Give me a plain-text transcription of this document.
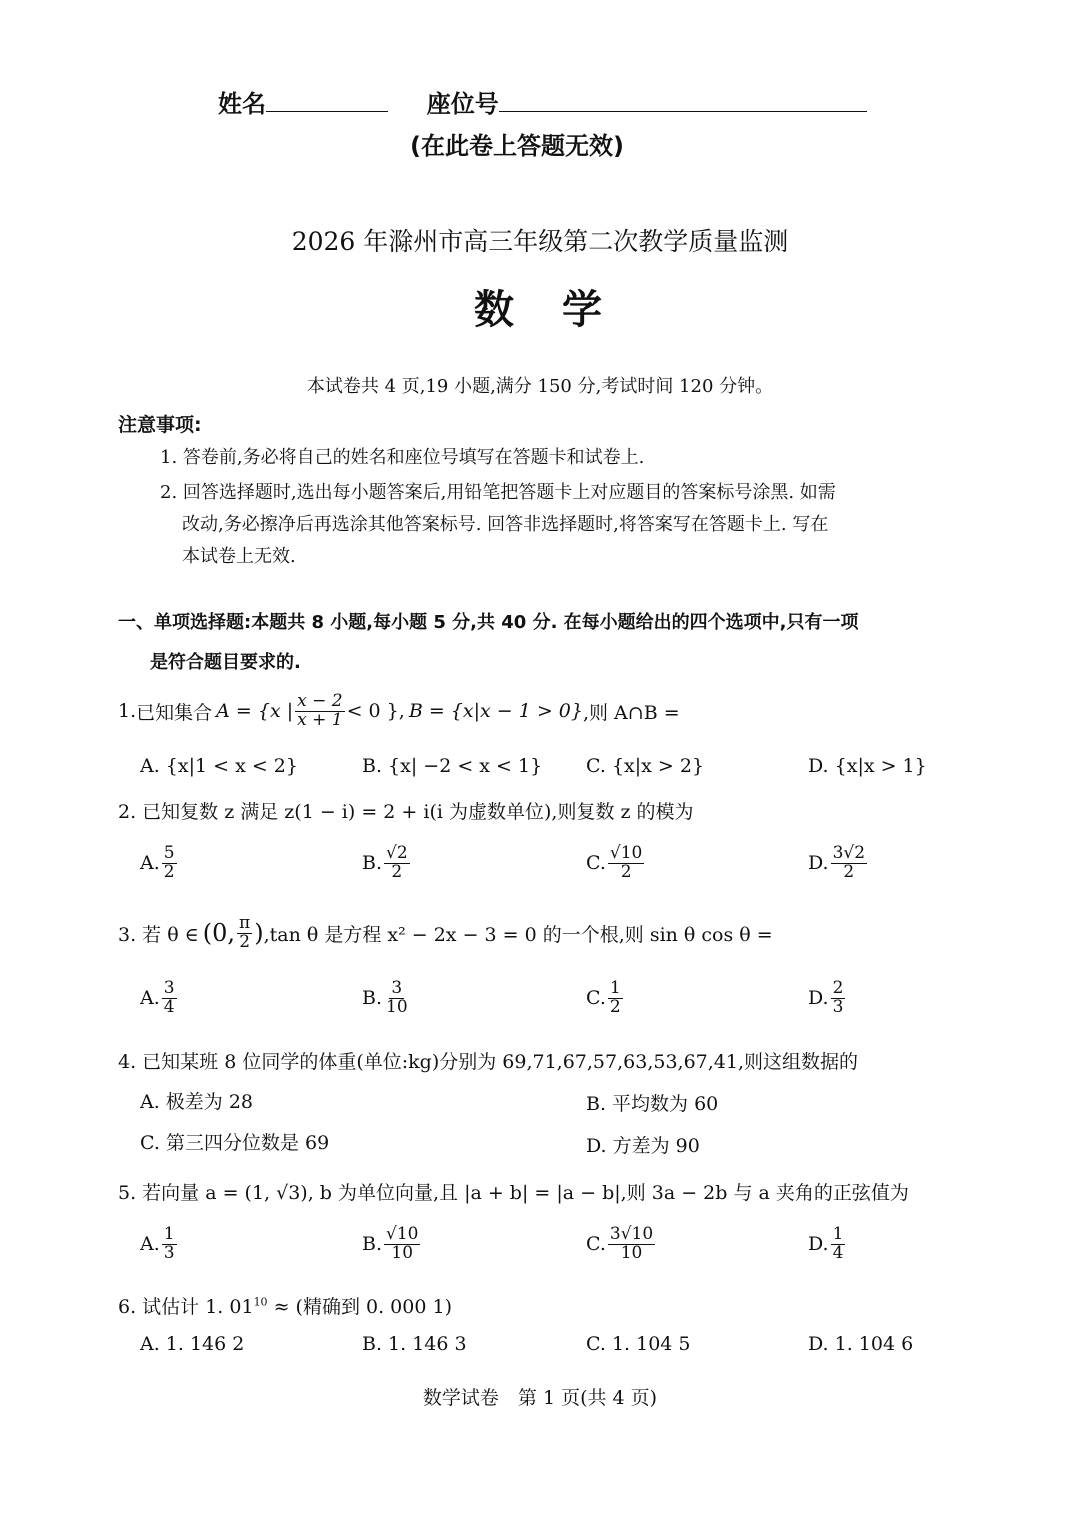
姓名	座位号
(在此卷上答题无效)
2026 年滁州市高三年级第二次教学质量监测
数　学
本试卷共 4 页,19 小题,满分 150 分,考试时间 120 分钟。
注意事项:
1. 答卷前,务必将自己的姓名和座位号填写在答题卡和试卷上.
2. 回答选择题时,选出每小题答案后,用铅笔把答题卡上对应题目的答案标号涂黑. 如需
改动,务必擦净后再选涂其他答案标号. 回答非选择题时,将答案写在答题卡上. 写在
本试卷上无效.
一、单项选择题:本题共 8 小题,每小题 5 分,共 40 分. 在每小题给出的四个选项中,只有一项
是符合题目要求的.
1. 已知集合 A = {x | $\frac{x - 2}{x + 1} < 0$ }, B = {x|x − 1 > 0} ,则 A∩B =
A. {x|1 < x < 2}	B. {x| −2 < x < 1} C. {x|x > 2}	D. {x|x > 1}
2. 已知复数 z 满足 z(1 − i) = 2 + i(i 为虚数单位),则复数 z 的模为
A. $\frac{5}{2}$	B. $\frac{√2}{2}$	C. $\frac{√10}{2}$	D. $\frac{3√2}{2}$
3. 若 θ ∈ (0, $\frac{\pi}{2}$ ) ,tan θ 是方程 x² − 2x − 3 = 0 的一个根,则 sin θ cos θ =
A. $\frac{3}{4}$	B. $\frac{3}{10}$	C. $\frac{1}{2}$	D. $\frac{2}{3}$
4. 已知某班 8 位同学的体重(单位:kg)分别为 69,71,67,57,63,53,67,41,则这组数据的
A. 极差为 28	B. 平均数为 60
C. 第三四分位数是 69	D. 方差为 90
5. 若向量 a = (1, √3), b 为单位向量,且 |a + b| = |a − b|,则 3a − 2b 与 a 夹角的正弦值为
A. $\frac{1}{3}$	B. $\frac{√10}{10}$	C. $\frac{3√10}{10}$	D. $\frac{1}{4}$
6. 试估计 1. $01^{10}$ ≈ (精确到 0. 000 1)
A. 1. 146 2	B. 1. 146 3	C. 1. 104 5	D. 1. 104 6
数学试卷　第 1 页(共 4 页)
